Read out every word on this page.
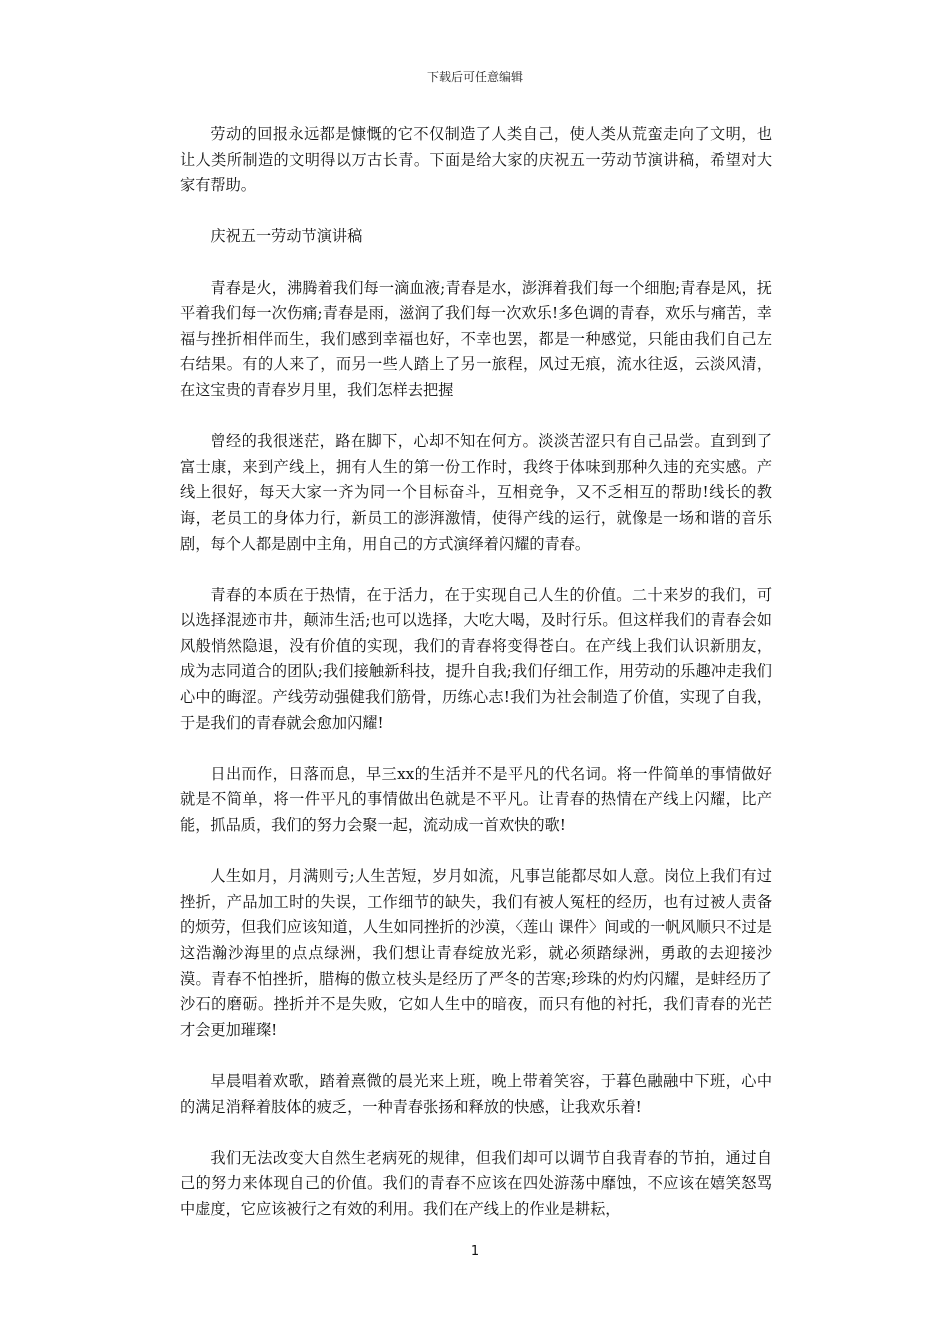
下载后可任意编辑

劳动的回报永远都是慷慨的它不仅制造了人类自己，使人类从荒蛮走向了文明，也让人类所制造的文明得以万古长青。下面是给大家的庆祝五一劳动节演讲稿，希望对大家有帮助。

庆祝五一劳动节演讲稿

青春是火，沸腾着我们每一滴血液;青春是水，澎湃着我们每一个细胞;青春是风，抚平着我们每一次伤痛;青春是雨，滋润了我们每一次欢乐!多色调的青春，欢乐与痛苦，幸福与挫折相伴而生，我们感到幸福也好，不幸也罢，都是一种感觉，只能由我们自己左右结果。有的人来了，而另一些人踏上了另一旅程，风过无痕，流水往返，云淡风清，在这宝贵的青春岁月里，我们怎样去把握

曾经的我很迷茫，路在脚下，心却不知在何方。淡淡苦涩只有自己品尝。直到到了富士康，来到产线上，拥有人生的第一份工作时，我终于体味到那种久违的充实感。产线上很好，每天大家一齐为同一个目标奋斗，互相竞争，又不乏相互的帮助!线长的教诲，老员工的身体力行，新员工的澎湃激情，使得产线的运行，就像是一场和谐的音乐剧，每个人都是剧中主角，用自己的方式演绎着闪耀的青春。

青春的本质在于热情，在于活力，在于实现自己人生的价值。二十来岁的我们，可以选择混迹市井，颠沛生活;也可以选择，大吃大喝，及时行乐。但这样我们的青春会如风般悄然隐退，没有价值的实现，我们的青春将变得苍白。在产线上我们认识新朋友，成为志同道合的团队;我们接触新科技，提升自我;我们仔细工作，用劳动的乐趣冲走我们心中的晦涩。产线劳动强健我们筋骨，历练心志!我们为社会制造了价值，实现了自我，于是我们的青春就会愈加闪耀!

日出而作，日落而息，早三xx的生活并不是平凡的代名词。将一件简单的事情做好就是不简单，将一件平凡的事情做出色就是不平凡。让青春的热情在产线上闪耀，比产能，抓品质，我们的努力会聚一起，流动成一首欢快的歌!

人生如月，月满则亏;人生苦短，岁月如流，凡事岂能都尽如人意。岗位上我们有过挫折，产品加工时的失误，工作细节的缺失，我们有被人冤枉的经历，也有过被人责备的烦劳，但我们应该知道，人生如同挫折的沙漠，〈莲山 课件〉间或的一帆风顺只不过是这浩瀚沙海里的点点绿洲，我们想让青春绽放光彩，就必须踏绿洲，勇敢的去迎接沙漠。青春不怕挫折，腊梅的傲立枝头是经历了严冬的苦寒;珍珠的灼灼闪耀，是蚌经历了沙石的磨砺。挫折并不是失败，它如人生中的暗夜，而只有他的衬托，我们青春的光芒才会更加璀璨!

早晨唱着欢歌，踏着熹微的晨光来上班，晚上带着笑容，于暮色融融中下班，心中的满足消释着肢体的疲乏，一种青春张扬和释放的快感，让我欢乐着!

我们无法改变大自然生老病死的规律，但我们却可以调节自我青春的节拍，通过自己的努力来体现自己的价值。我们的青春不应该在四处游荡中靡蚀，不应该在嬉笑怒骂中虚度，它应该被行之有效的利用。我们在产线上的作业是耕耘，

1
